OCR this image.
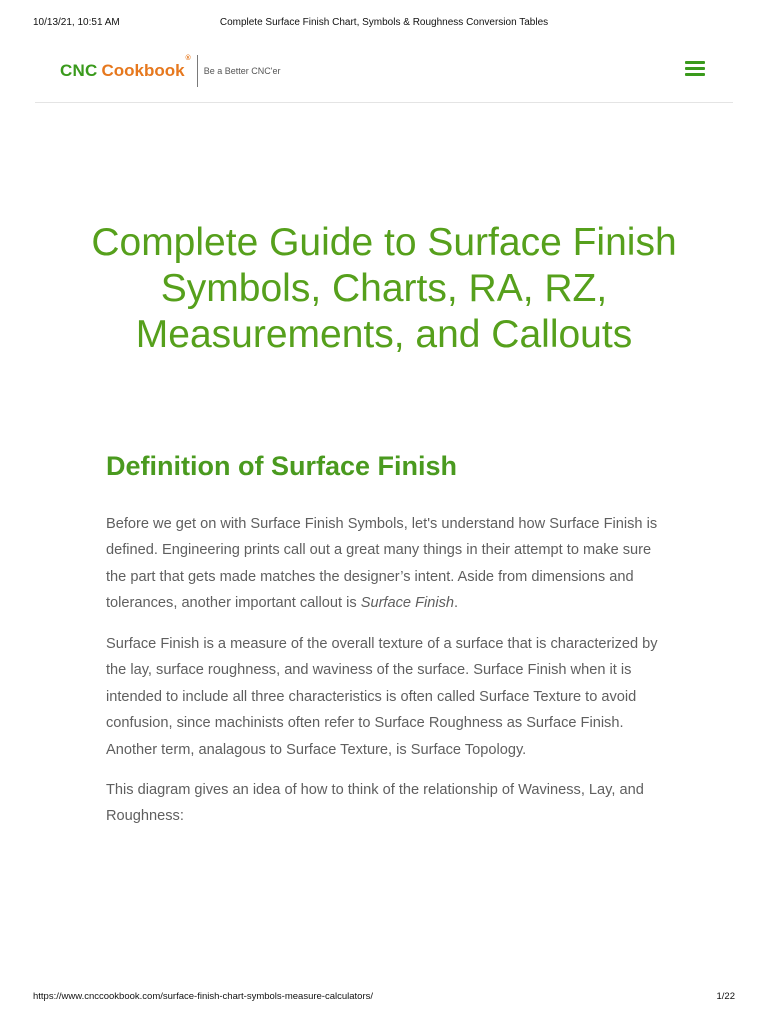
10/13/21, 10:51 AM	Complete Surface Finish Chart, Symbols & Roughness Conversion Tables
CNC Cookbook®
Be a Better CNC'er
Complete Guide to Surface Finish Symbols, Charts, RA, RZ, Measurements, and Callouts
Definition of Surface Finish

Before we get on with Surface Finish Symbols, let's understand how Surface Finish is defined. Engineering prints call out a great many things in their attempt to make sure the part that gets made matches the designer’s intent. Aside from dimensions and tolerances, another important callout is Surface Finish.

Surface Finish is a measure of the overall texture of a surface that is characterized by the lay, surface roughness, and waviness of the surface. Surface Finish when it is intended to include all three characteristics is often called Surface Texture to avoid confusion, since machinists often refer to Surface Roughness as Surface Finish. Another term, analagous to Surface Texture, is Surface Topology.

This diagram gives an idea of how to think of the relationship of Waviness, Lay, and Roughness:

https://www.cnccookbook.com/surface-finish-chart-symbols-measure-calculators/	1/22
